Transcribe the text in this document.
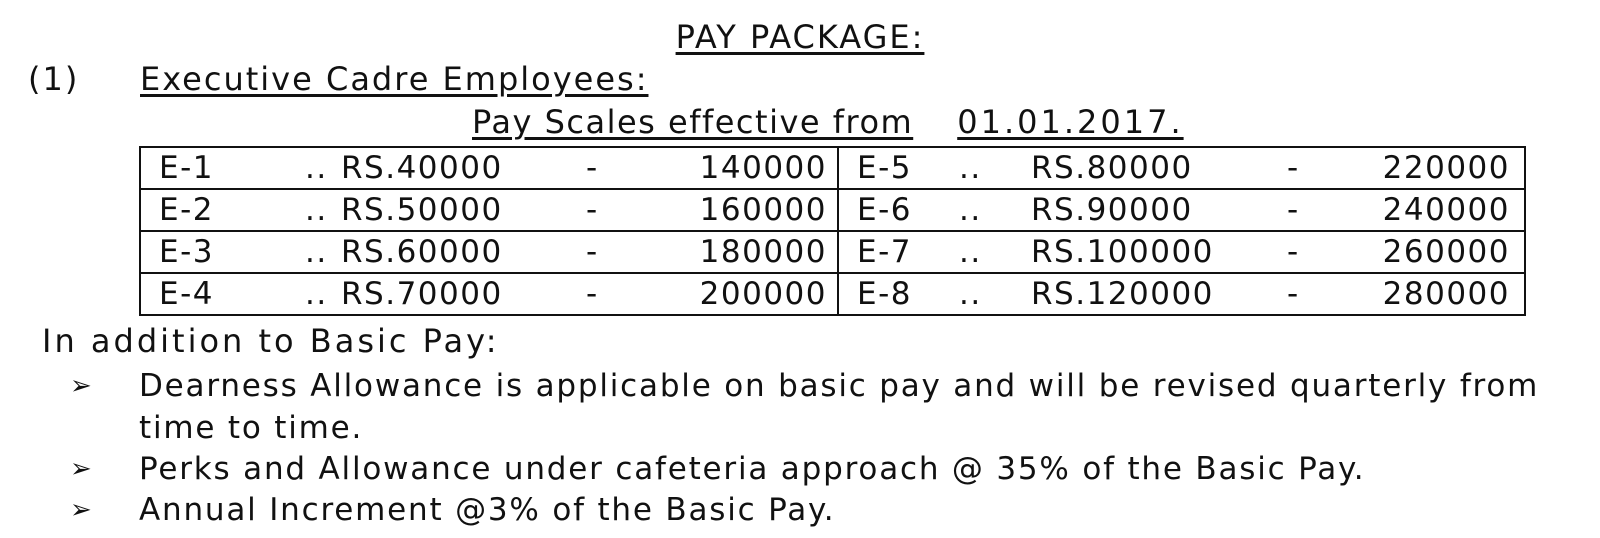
PAY PACKAGE:
(1) Executive Cadre Employees:
Pay Scales effective from 01.01.2017.
E-1 .. RS.40000 - 140000	E-5 .. RS.80000 - 220000

E-2 .. RS.50000 - 160000	E-6 .. RS.90000 - 240000

E-3 .. RS.60000 - 180000	E-7 .. RS.100000 - 260000

E-4 .. RS.70000 - 200000	E-8 .. RS.120000 - 280000
In addition to Basic Pay:
➢ Dearness Allowance is applicable on basic pay and will be revised quarterly from time to time.
➢ Perks and Allowance under cafeteria approach @ 35% of the Basic Pay.
➢ Annual Increment @3% of the Basic Pay.
